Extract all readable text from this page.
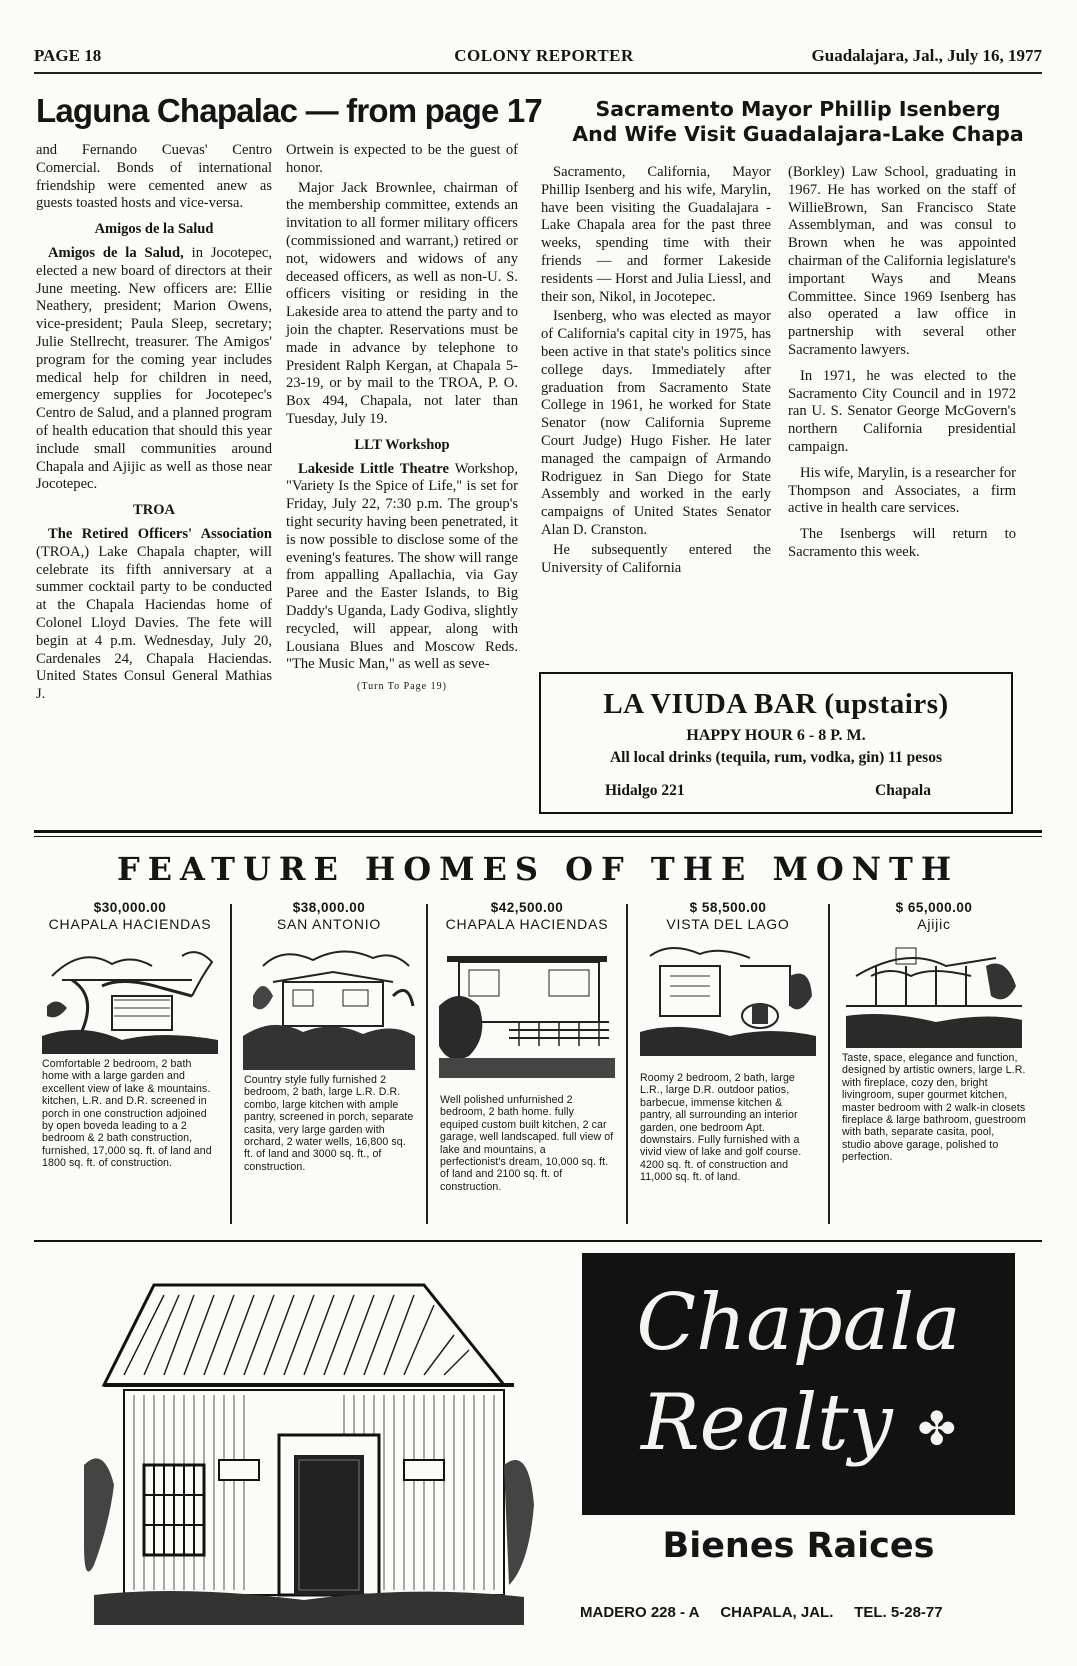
PAGE 18	COLONY REPORTER	Guadalajara, Jal., July 16, 1977
Laguna Chapalac — from page 17

and Fernando Cuevas' Centro Comercial. Bonds of international friendship were cemented anew as guests toasted hosts and vice-versa.

Amigos de la Salud

Amigos de la Salud, in Jocotepec, elected a new board of directors at their June meeting. New officers are: Ellie Neathery, president; Marion Owens, vice-president; Paula Sleep, secretary; Julie Stellrecht, treasurer. The Amigos' program for the coming year includes medical help for children in need, emergency supplies for Jocotepec's Centro de Salud, and a planned program of health education that should this year include small communities around Chapala and Ajijic as well as those near Jocotepec.

TROA

The Retired Officers' Association (TROA,) Lake Chapala chapter, will celebrate its fifth anniversary at a summer cocktail party to be conducted at the Chapala Haciendas home of Colonel Lloyd Davies. The fete will begin at 4 p.m. Wednesday, July 20, Cardenales 24, Chapala Haciendas. United States Consul General Mathias J.

Ortwein is expected to be the guest of honor.

Major Jack Brownlee, chairman of the membership committee, extends an invitation to all former military officers (commissioned and warrant,) retired or not, widowers and widows of any deceased officers, as well as non-U. S. officers visiting or residing in the Lakeside area to attend the party and to join the chapter. Reservations must be made in advance by telephone to President Ralph Kergan, at Chapala 5-23-19, or by mail to the TROA, P. O. Box 494, Chapala, not later than Tuesday, July 19.

LLT Workshop

Lakeside Little Theatre Workshop, "Variety Is the Spice of Life," is set for Friday, July 22, 7:30 p.m. The group's tight security having been penetrated, it is now possible to disclose some of the evening's features. The show will range from appalling Apallachia, via Gay Paree and the Easter Islands, to Big Daddy's Uganda, Lady Godiva, slightly recycled, will appear, along with Lousiana Blues and Moscow Reds. "The Music Man," as well as seve-

(Turn To Page 19)
Sacramento Mayor Phillip Isenberg
And Wife Visit Guadalajara-Lake Chapa

Sacramento, California, Mayor Phillip Isenberg and his wife, Marylin, have been visiting the Guadalajara - Lake Chapala area for the past three weeks, spending time with their friends — and former Lakeside residents — Horst and Julia Liessl, and their son, Nikol, in Jocotepec.

Isenberg, who was elected as mayor of California's capital city in 1975, has been active in that state's politics since college days. Immediately after graduation from Sacramento State College in 1961, he worked for State Senator (now California Supreme Court Judge) Hugo Fisher. He later managed the campaign of Armando Rodriguez in San Diego for State Assembly and worked in the early campaigns of United States Senator Alan D. Cranston.

He subsequently entered the University of California

(Borkley) Law School, graduating in 1967. He has worked on the staff of WillieBrown, San Francisco State Assemblyman, and was consul to Brown when he was appointed chairman of the California legislature's important Ways and Means Committee. Since 1969 Isenberg has also operated a law office in partnership with several other Sacramento lawyers.

In 1971, he was elected to the Sacramento City Council and in 1972 ran U. S. Senator George McGovern's northern California presidential campaign.

His wife, Marylin, is a researcher for Thompson and Associates, a firm active in health care services.

The Isenbergs will return to Sacramento this week.

LA VIUDA BAR (upstairs)
HAPPY HOUR 6 - 8 P. M.
All local drinks (tequila, rum, vodka, gin) 11 pesos
Hidalgo 221	Chapala
FEATURE HOMES OF THE MONTH
$30,000.00
CHAPALA HACIENDAS
Comfortable 2 bedroom, 2 bath home with a large garden and excellent view of lake & mountains. kitchen, L.R. and D.R. screened in porch in one construction adjoined by open boveda leading to a 2 bedroom & 2 bath construction, furnished, 17,000 sq. ft. of land and 1800 sq. ft. of construction.
$38,000.00
SAN ANTONIO
Country style fully furnished 2 bedroom, 2 bath, large L.R. D.R. combo, large kitchen with ample pantry, screened in porch, separate casita, very large garden with orchard, 2 water wells, 16,800 sq. ft. of land and 3000 sq. ft., of construction.
$42,500.00
CHAPALA HACIENDAS
Well polished unfurnished 2 bedroom, 2 bath home. fully equiped custom built kitchen, 2 car garage, well landscaped. full view of lake and mountains, a perfectionist's dream, 10,000 sq. ft. of land and 2100 sq. ft. of construction.
$ 58,500.00
VISTA DEL LAGO
Roomy 2 bedroom, 2 bath, large L.R., large D.R. outdoor patios, barbecue, immense kitchen & pantry, all surrounding an interior garden, one bedroom Apt. downstairs. Fully furnished with a vivid view of lake and golf course. 4200 sq. ft. of construction and 11,000 sq. ft. of land.
$ 65,000.00
Ajijic
Taste, space, elegance and function, designed by artistic owners, large L.R. with fireplace, cozy den, bright livingroom, super gourmet kitchen, master bedroom with 2 walk-in closets fireplace & large bathroom, guestroom with bath, separate casita, pool, studio above garage, polished to perfection.
Chapala
Realty ✤
Bienes Raices
MADERO 228 - A CHAPALA, JAL. TEL. 5-28-77
